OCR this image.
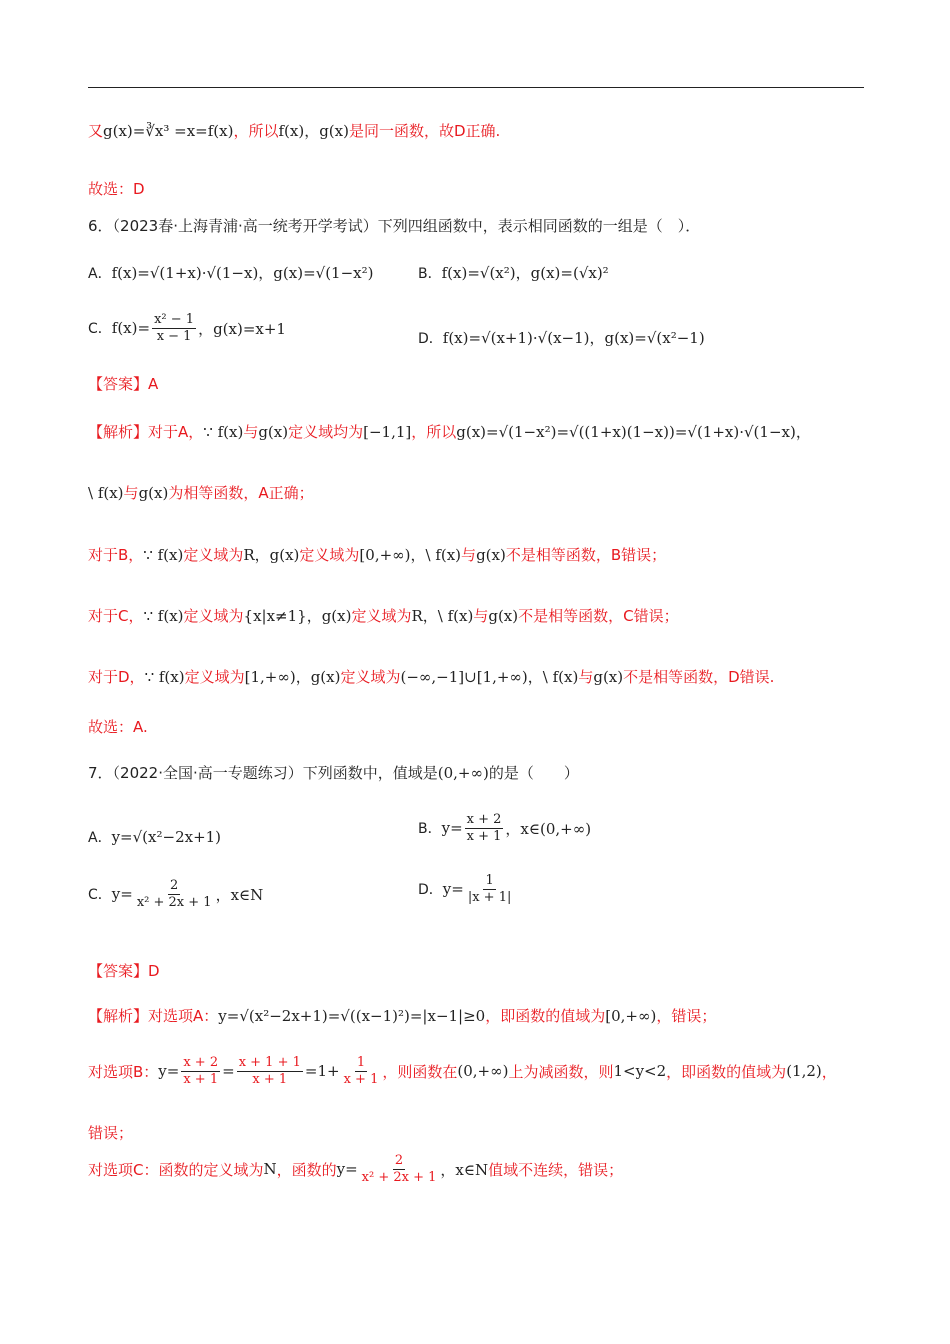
又 g(x)=∛x³ =x=f(x) ，所以 f(x)，g(x) 是同一函数，故D正确.
故选：D
6．（2023春·上海青浦·高一统考开学考试）下列四组函数中，表示相同函数的一组是（　）．
A． f(x)=√(1+x)·√(1−x)，g(x)=√(1−x²)	B． f(x)=√(x²)，g(x)=(√x)²
C． $f(x)= \frac{\text{x² − 1}}{x - 1}$ ，g(x)=x+1
D． f(x)=√(x+1)·√(x−1)，g(x)=√(x²−1)
【答案】A
【解析】 对于A， ∵ f(x) 与 g(x) 定义域均为 [−1,1] ，所以 g(x)=√(1−x²)=√((1+x)(1−x))=√(1+x)·√(1−x)，
\ f(x) 与 g(x) 为相等函数，A正确；
对于B， ∵ f(x) 定义域为 R，g(x) 定义域为 [0,+∞)，\ f(x) 与 g(x) 不是相等函数，B错误；
对于C， ∵ f(x) 定义域为 {x|x≠1}，g(x) 定义域为 R，\ f(x) 与 g(x) 不是相等函数，C错误；
对于D， ∵ f(x) 定义域为 [1,+∞)，g(x) 定义域为 (−∞,−1]∪[1,+∞)，\ f(x) 与 g(x) 不是相等函数，D错误.
故选：A.
7．（2022·全国·高一专题练习）下列函数中，值域是 (0,+∞) 的是（　　）
A． y=√(x²−2x+1)	B． $y= \frac{x + 2}{x + 1}$ ，x∈(0,+∞)
C． $y= \frac{2}{\text{x² + 2x + 1}}$ ，x∈N	D． $y= \frac{1}{|x + 1|}$
【答案】D
【解析】 对选项A： y=√(x²−2x+1)=√((x−1)²)=|x−1|≥0 ，即函数的值域为 [0,+∞) ，错误；
对选项B： $y= \frac{x + 2}{x + 1} = \frac{x + 1 + 1}{x + 1} =1+ \frac{1}{x + 1}$ ，则函数在 (0,+∞) 上为减函数，则 1<y<2 ，即函数的值域为 (1,2) ，
错误；
对选项C：函数的定义域为 N ，函数的 $y= \frac{2}{\text{x² + 2x + 1}}$ ，x∈N 值域不连续，错误；
